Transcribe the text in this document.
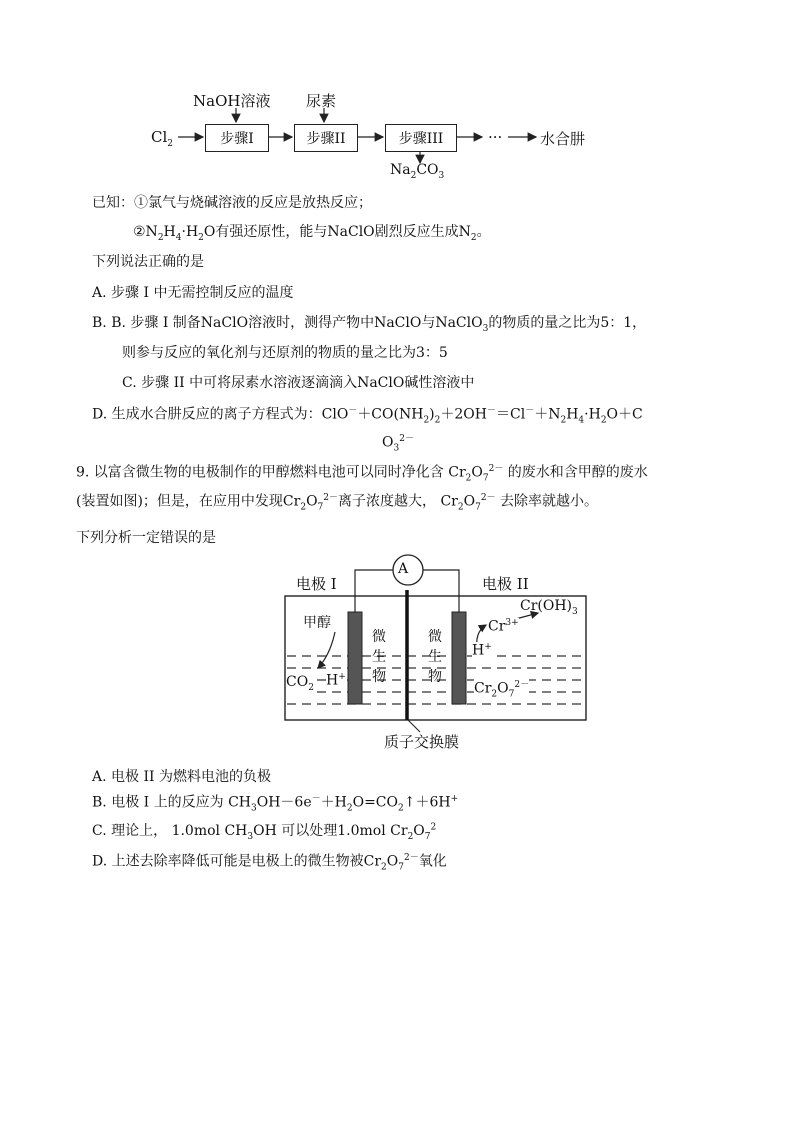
NaOH溶液 尿素
$Cl_2$	步骤I	步骤II	步骤III	···	水合肼
$Na_2CO_3$
已知：①氯气与烧碱溶液的反应是放热反应；
$②N_2H_4\cdot H_2O$有强还原性，能与NaClO剧烈反应生成$N_2$。
下列说法正确的是
A. 步骤 I 中无需控制反应的温度
B. B. 步骤 I 制备NaClO溶液时，测得产物中NaClO与NaClO$_3$的物质的量之比为5：1，
则参与反应的氧化剂与还原剂的物质的量之比为3：5
C. 步骤 II 中可将尿素水溶液逐滴滴入NaClO碱性溶液中
D. 生成水合肼反应的离子方程式为：$ClO^-+CO(NH_2)_2+2OH^-=Cl^-+N_2H_4\cdot H_2O+C$
$O_3^{2-}$
9. 以富含微生物的电极制作的甲醇燃料电池可以同时净化含 $Cr_2O_7^{2-}$ 的废水和含甲醇的废水
(装置如图)；但是，在应用中发现$Cr_2O_7^{2-}$离子浓度越大， $Cr_2O_7^{2-}$ 去除率就越小。
下列分析一定错误的是
A
电极 I	电极 II
甲醇
微
生
物
微
生
物
$CO_2$ H+
$Cr^{3+}$
$Cr(OH)_3$
H+
$Cr_2O_7^{2-}$
质子交换膜
A. 电极 II 为燃料电池的负极
B. 电极 I 上的反应为 $CH_3OH-6e^-+H_2O=CO_2↑+6H^+$
C. 理论上， 1.0mol $CH_3OH$ 可以处理1.0mol $Cr_2O_7^2$
D. 上述去除率降低可能是电极上的微生物被$Cr_2O_7^{2-}$氧化
